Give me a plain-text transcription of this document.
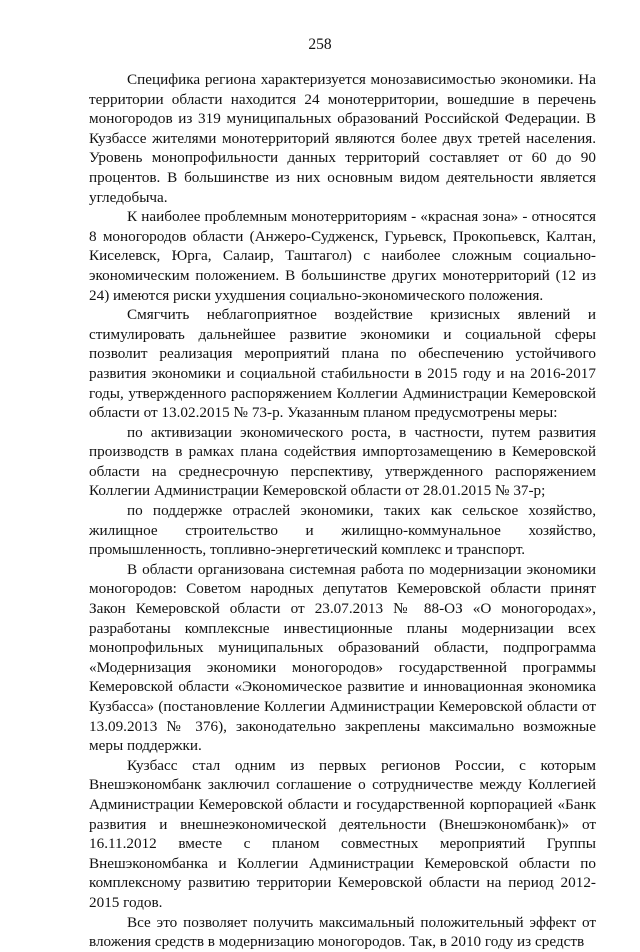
258

Специфика региона характеризуется монозависимостью экономики. На территории области находится 24 монотерритории, вошедшие в перечень моногородов из 319 муниципальных образований Российской Федерации. В Кузбассе жителями монотерриторий являются более двух третей населения. Уровень монопрофильности данных территорий составляет от 60 до 90 процентов. В большинстве из них основным видом деятельности является угледобыча.

К наиболее проблемным монотерриториям - «красная зона» - относятся 8 моногородов области (Анжеро-Судженск, Гурьевск, Прокопьевск, Калтан, Киселевск, Юрга, Салаир, Таштагол) с наиболее сложным социально-экономическим положением. В большинстве других монотерриторий (12 из 24) имеются риски ухудшения социально-экономического положения.

Смягчить неблагоприятное воздействие кризисных явлений и стимулировать дальнейшее развитие экономики и социальной сферы позволит реализация мероприятий плана по обеспечению устойчивого развития экономики и социальной стабильности в 2015 году и на 2016-2017 годы, утвержденного распоряжением Коллегии Администрации Кемеровской области от 13.02.2015 № 73-р. Указанным планом предусмотрены меры:

по активизации экономического роста, в частности, путем развития производств в рамках плана содействия импортозамещению в Кемеровской области на среднесрочную перспективу, утвержденного распоряжением Коллегии Администрации Кемеровской области от 28.01.2015 № 37-р;

по поддержке отраслей экономики, таких как сельское хозяйство, жилищное строительство и жилищно-коммунальное хозяйство, промышленность, топливно-энергетический комплекс и транспорт.

В области организована системная работа по модернизации экономики моногородов: Советом народных депутатов Кемеровской области принят Закон Кемеровской области от 23.07.2013 № 88-ОЗ «О моногородах», разработаны комплексные инвестиционные планы модернизации всех монопрофильных муниципальных образований области, подпрограмма «Модернизация экономики моногородов» государственной программы Кемеровской области «Экономическое развитие и инновационная экономика Кузбасса» (постановление Коллегии Администрации Кемеровской области от 13.09.2013 № 376), законодательно закреплены максимально возможные меры поддержки.

Кузбасс стал одним из первых регионов России, с которым Внешэкономбанк заключил соглашение о сотрудничестве между Коллегией Администрации Кемеровской области и государственной корпорацией «Банк развития и внешнеэкономической деятельности (Внешэкономбанк)» от 16.11.2012 вместе с планом совместных мероприятий Группы Внешэкономбанка и Коллегии Администрации Кемеровской области по комплексному развитию территории Кемеровской области на период 2012-2015 годов.

Все это позволяет получить максимальный положительный эффект от вложения средств в модернизацию моногородов. Так, в 2010 году из средств
